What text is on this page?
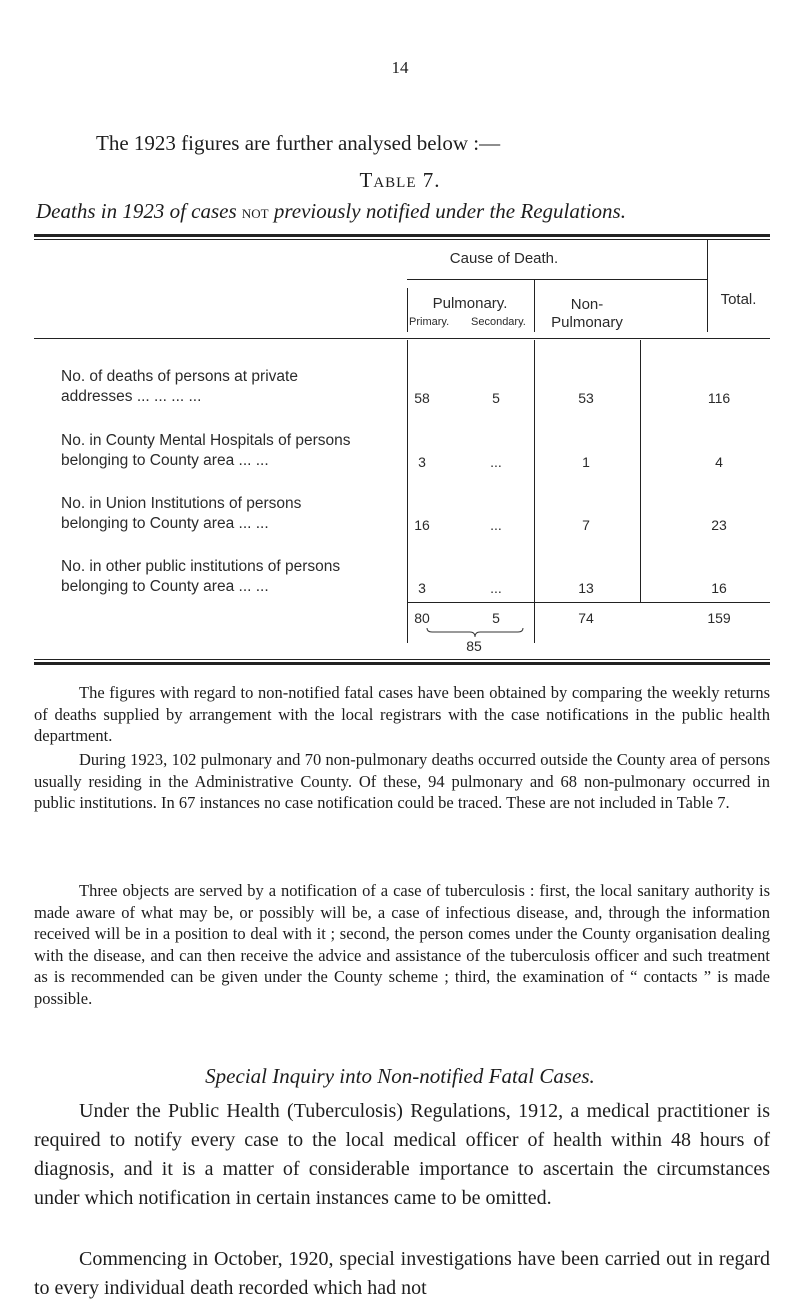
14
The 1923 figures are further analysed below :—
Table 7.
Deaths in 1923 of cases not previously notified under the Regulations.
Cause of Death.
Total.
Pulmonary.
Primary.	Secondary.
Non-
Pulmonary
No. of deaths of persons at private
addresses ... ... ... ...	58	5	53	116
No. in County Mental Hospitals of persons
belonging to County area ... ...	3	...	1	4
No. in Union Institutions of persons
belonging to County area ... ...	16	...	7	23
No. in other public institutions of persons
belonging to County area ... ...	3	...	13	16
80	5	74	159
85
The figures with regard to non-notified fatal cases have been obtained by comparing the weekly returns of deaths supplied by arrangement with the local registrars with the case notifications in the public health department.
During 1923, 102 pulmonary and 70 non-pulmonary deaths occurred outside the County area of persons usually residing in the Administrative County. Of these, 94 pulmonary and 68 non-pulmonary occurred in public institutions. In 67 instances no case notification could be traced. These are not included in Table 7.
Three objects are served by a notification of a case of tuberculosis : first, the local sanitary authority is made aware of what may be, or possibly will be, a case of infectious disease, and, through the information received will be in a position to deal with it ; second, the person comes under the County organisation dealing with the disease, and can then receive the advice and assistance of the tuberculosis officer and such treatment as is recommended can be given under the County scheme ; third, the examination of “ contacts ” is made possible.
Special Inquiry into Non-notified Fatal Cases.
Under the Public Health (Tuberculosis) Regulations, 1912, a medical practitioner is required to notify every case to the local medical officer of health within 48 hours of diagnosis, and it is a matter of considerable importance to ascertain the circumstances under which notification in certain instances came to be omitted.
Commencing in October, 1920, special investigations have been carried out in regard to every individual death recorded which had not
